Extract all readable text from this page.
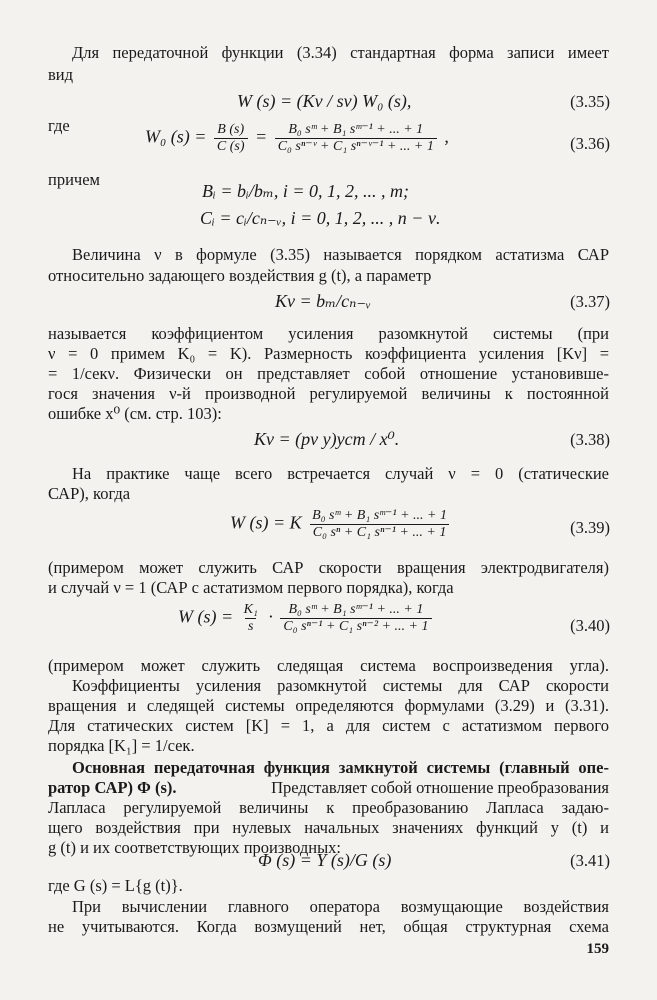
Для передаточной функции (3.34) стандартная форма записи имеет
вид
W (s) = (Kν / sν) W₀ (s),	(3.35)
где
W₀ $(s) = \frac{B (s)}{C (s)} = \frac{\text{B₀ sᵐ + B₁ sᵐ⁻¹ + ... + 1}}{\text{C₀ sⁿ⁻ᵛ + C₁ sⁿ⁻ᵛ⁻¹ + ... + 1}}$ ,	(3.36)
причем
Bᵢ = bᵢ/bₘ, i = 0, 1, 2, ... , m;
Cᵢ = cᵢ/cₙ₋ᵥ, i = 0, 1, 2, ... , n − ν.
Величина ν в формуле (3.35) называется порядком астатизма САР
относительно задающего воздействия g (t), а параметр
Kν = bₘ/cₙ₋ᵥ	(3.37)
называется коэффициентом усиления разомкнутой системы (при
ν = 0 примем K₀ = K). Размерность коэффициента усиления [Kν] =
= 1/секν. Физически он представляет собой отношение установивше-
гося значения ν-й производной регулируемой величины к постоянной
ошибке x⁰ (см. стр. 103):
Kν = (pν y)уст / x⁰.	(3.38)
На практике чаще всего встречается случай ν = 0 (статические
САР), когда
W (s) = K $\frac{\text{B₀ sᵐ + B₁ sᵐ⁻¹ + ... + 1}}{\text{C₀ sⁿ + C₁ sⁿ⁻¹ + ... + 1}}$	(3.39)
(примером может служить САР скорости вращения электродвигателя)
и случай ν = 1 (САР с астатизмом первого порядка), когда
W $(s) = \frac{\text{K₁}}{s} \cdot \frac{\text{B₀ sᵐ + B₁ sᵐ⁻¹ + ... + 1}}{\text{C₀ sⁿ⁻¹ + C₁ sⁿ⁻² + ... + 1}}$	(3.40)
(примером может служить следящая система воспроизведения угла).
Коэффициенты усиления разомкнутой системы для САР скорости
вращения и следящей системы определяются формулами (3.29) и (3.31).
Для статических систем [K] = 1, а для систем с астатизмом первого
порядка [K₁] = 1/сек.
Основная передаточная функция замкнутой системы (главный опе-
ратор САР) Φ (s).	Представляет собой отношение преобразования
Лапласа регулируемой величины к преобразованию Лапласа задаю-
щего воздействия при нулевых начальных значениях функций y (t) и
g (t) и их соответствующих производных:
Φ (s) = Y (s)/G (s)	(3.41)
где G (s) = L{g (t)}.
При вычислении главного оператора возмущающие воздействия
не учитываются. Когда возмущений нет, общая структурная схема
159
